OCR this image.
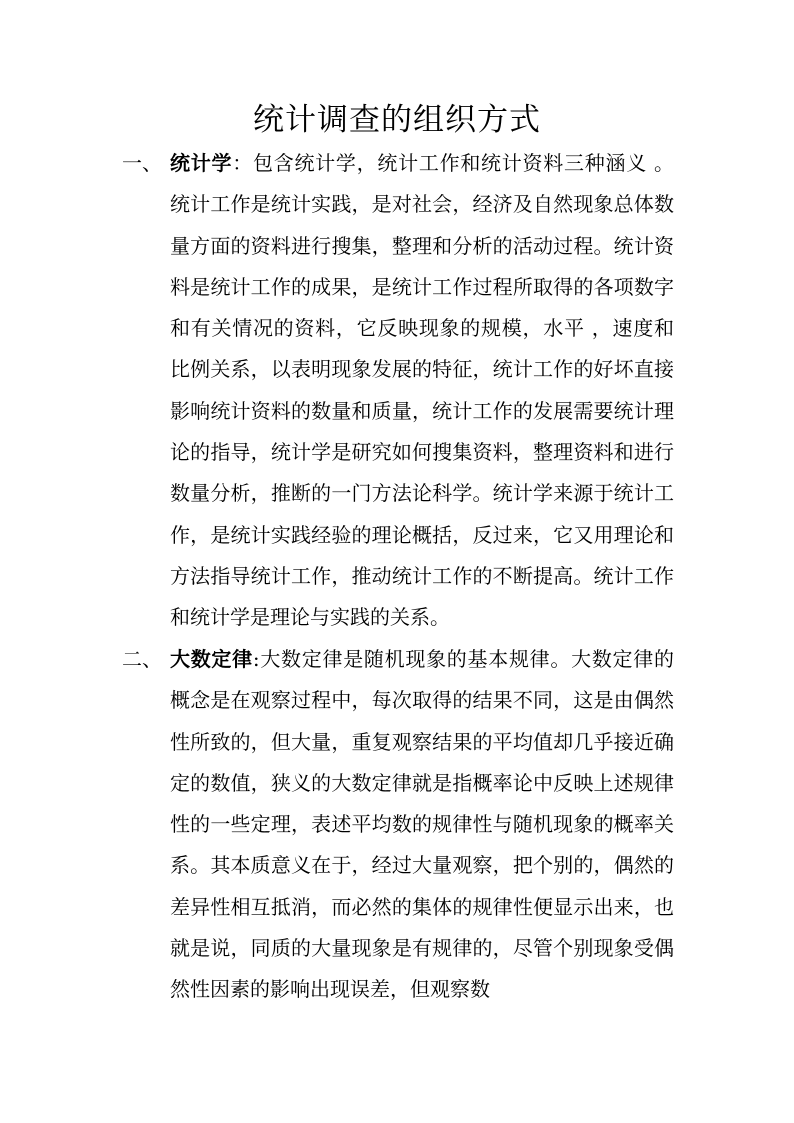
统计调查的组织方式
一、 统计学：包含统计学，统计工作和统计资料三种涵义 。统计工作是统计实践，是对社会，经济及自然现象总体数量方面的资料进行搜集，整理和分析的活动过程。统计资料是统计工作的成果，是统计工作过程所取得的各项数字和有关情况的资料，它反映现象的规模，水平 ，速度和比例关系，以表明现象发展的特征，统计工作的好坏直接影响统计资料的数量和质量，统计工作的发展需要统计理论的指导，统计学是研究如何搜集资料，整理资料和进行数量分析，推断的一门方法论科学。统计学来源于统计工作，是统计实践经验的理论概括，反过来，它又用理论和方法指导统计工作，推动统计工作的不断提高。统计工作和统计学是理论与实践的关系。

二、 大数定律:大数定律是随机现象的基本规律。大数定律的概念是在观察过程中，每次取得的结果不同，这是由偶然性所致的，但大量，重复观察结果的平均值却几乎接近确定的数值，狭义的大数定律就是指概率论中反映上述规律性的一些定理，表述平均数的规律性与随机现象的概率关系。其本质意义在于，经过大量观察，把个别的，偶然的差异性相互抵消，而必然的集体的规律性便显示出来，也就是说，同质的大量现象是有规律的，尽管个别现象受偶然性因素的影响出现误差，但观察数
